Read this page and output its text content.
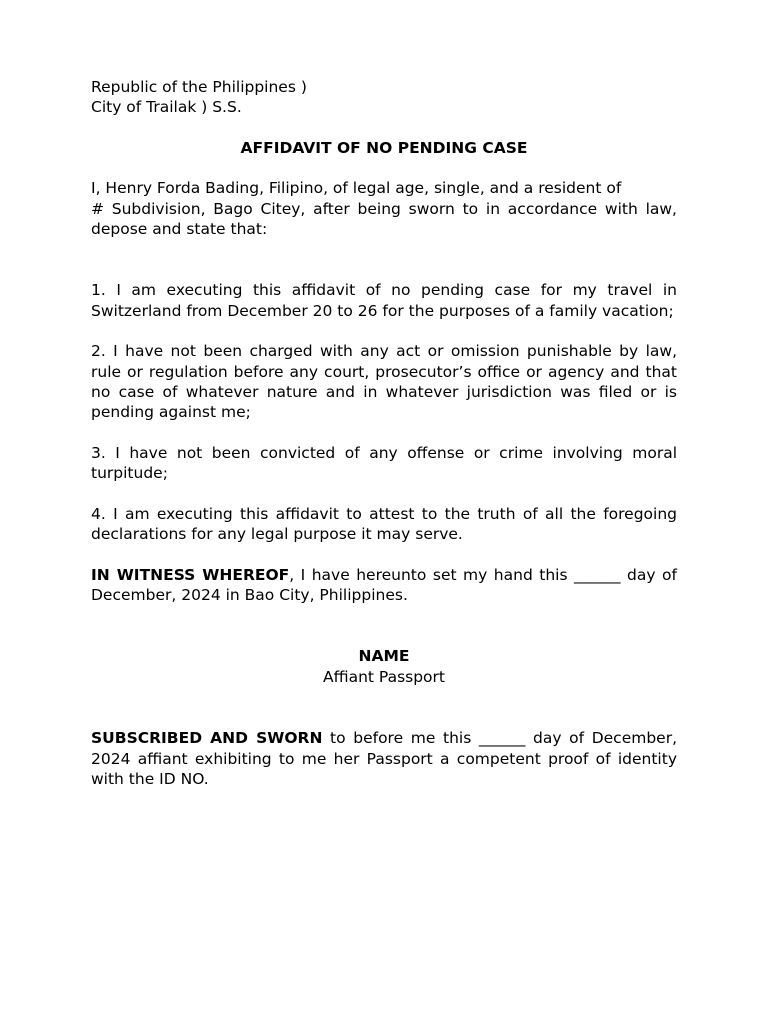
Republic of the Philippines )

City of Trailak ) S.S.

AFFIDAVIT OF NO PENDING CASE

I, Henry Forda Bading, Filipino, of legal age, single, and a resident of

# Subdivision, Bago Citey, after being sworn to in accordance with law, depose and state that:

1. I am executing this affidavit of no pending case for my travel in Switzerland from December 20 to 26 for the purposes of a family vacation;

2. I have not been charged with any act or omission punishable by law, rule or regulation before any court, prosecutor’s office or agency and that no case of whatever nature and in whatever jurisdiction was filed or is pending against me;

3. I have not been convicted of any offense or crime involving moral turpitude;

4. I am executing this affidavit to attest to the truth of all the foregoing declarations for any legal purpose it may serve.

IN WITNESS WHEREOF, I have hereunto set my hand this ______ day of December, 2024 in Bao City, Philippines.

NAME

Affiant Passport

SUBSCRIBED AND SWORN to before me this ______ day of December, 2024 affiant exhibiting to me her Passport a competent proof of identity with the ID NO.
